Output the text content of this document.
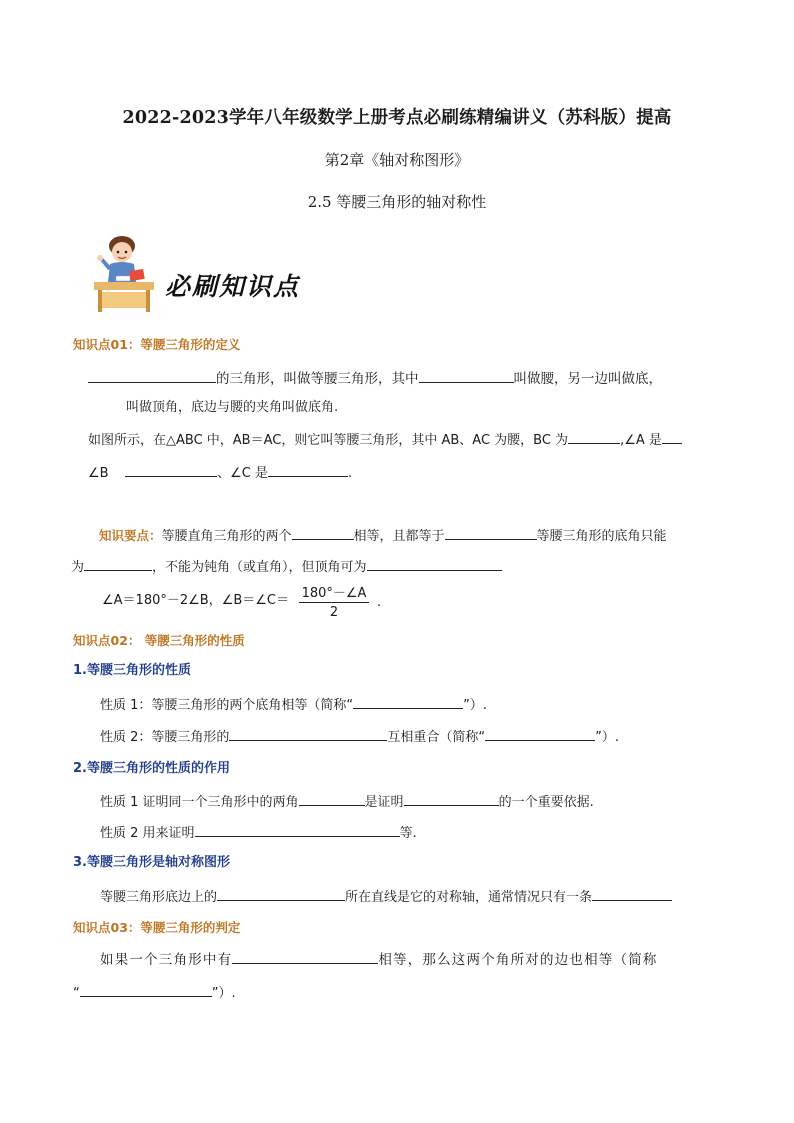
2022-2023学年八年级数学上册考点必刷练精编讲义（苏科版）提高
第2章《轴对称图形》
2.5 等腰三角形的轴对称性
必刷知识点
知识点01：等腰三角形的定义
的三角形，叫做等腰三角形，其中	叫做腰，另一边叫做底，
叫做顶角，底边与腰的夹角叫做底角.
如图所示，在△ABC 中，AB＝AC，则它叫等腰三角形，其中 AB、AC 为腰，BC 为	,∠A 是
∠B	、∠C 是	.
知识要点：等腰直角三角形的两个	相等，且都等于	等腰三角形的底角只能
为	，不能为钝角（或直角），但顶角可为
∠A＝180°－2∠B，∠B＝∠C＝ $\frac{180^\circ-\angle A}{2}$ .
知识点02： 等腰三角形的性质
1.等腰三角形的性质
性质 1：等腰三角形的两个底角相等（简称“	”）.
性质 2：等腰三角形的	互相重合（简称“	”）.
2.等腰三角形的性质的作用
性质 1 证明同一个三角形中的两角	是证明	的一个重要依据.
性质 2 用来证明	等.
3.等腰三角形是轴对称图形
等腰三角形底边上的	所在直线是它的对称轴，通常情况只有一条
知识点03：等腰三角形的判定
如果一个三角形中有	相等，那么这两个角所对的边也相等（简称
“	”）.
